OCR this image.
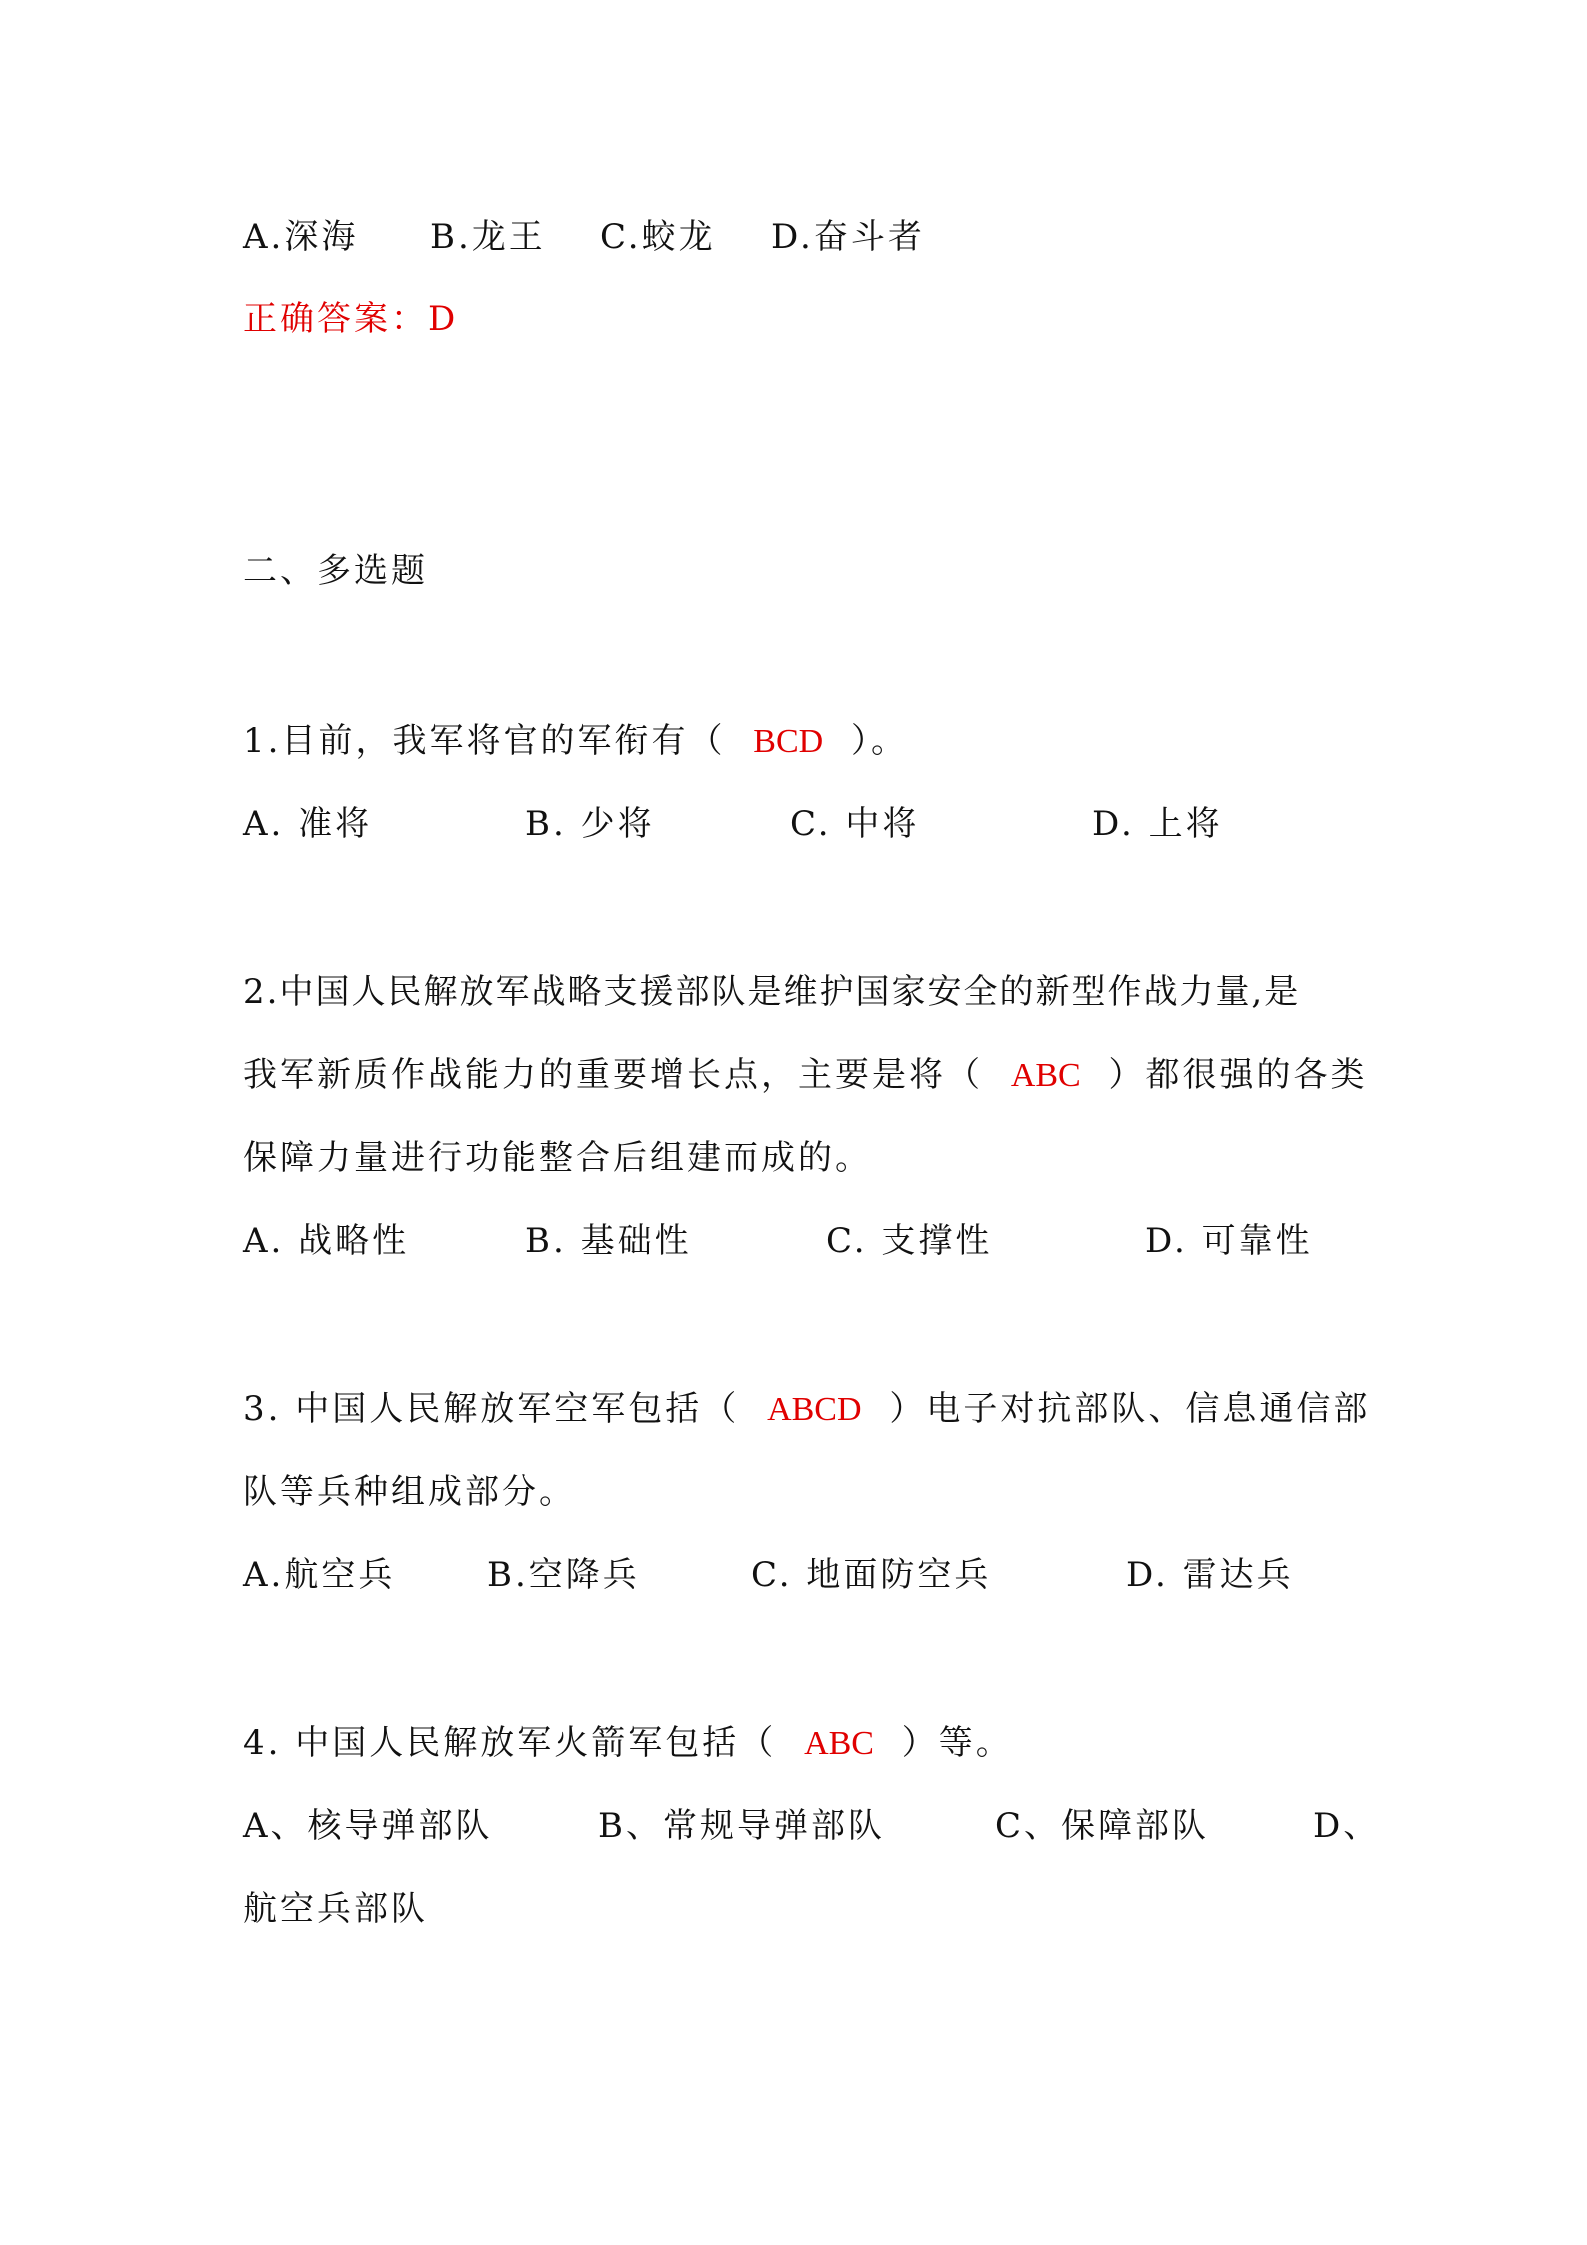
A.深海 B.龙王 C.蛟龙 D.奋斗者
正确答案：D
二、多选题
1.目前，我军将官的军衔有（ BCD ）。
A. 准将	B. 少将	C. 中将	D. 上将
2.中国人民解放军战略支援部队是维护国家安全的新型作战力量,是
我军新质作战能力的重要增长点，主要是将（ ABC ）都很强的各类
保障力量进行功能整合后组建而成的。
A. 战略性	B. 基础性	C. 支撑性	D. 可靠性
3. 中国人民解放军空军包括（ ABCD ）电子对抗部队、信息通信部
队等兵种组成部分。
A.航空兵	B.空降兵	C. 地面防空兵	D. 雷达兵
4. 中国人民解放军火箭军包括（ ABC ）等。
A、核导弹部队	B、常规导弹部队	C、保障部队	D、
航空兵部队
